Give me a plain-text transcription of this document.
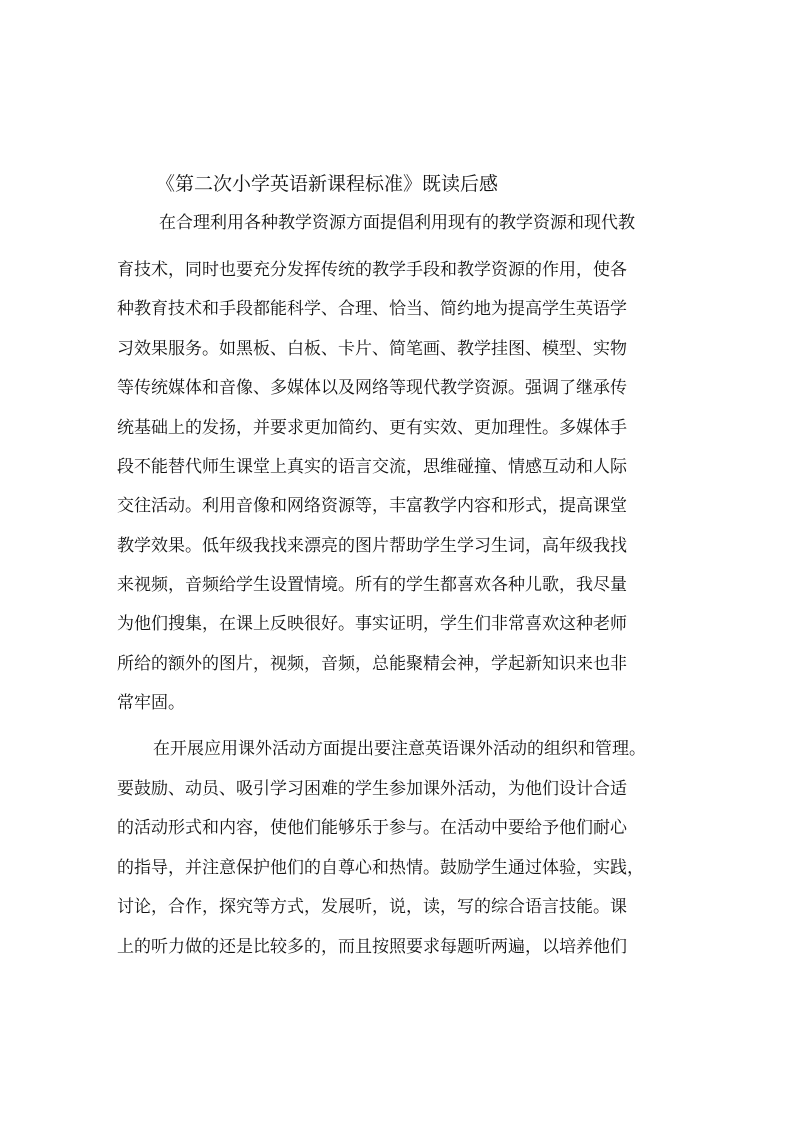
《第二次小学英语新课程标准》既读后感

在合理利用各种教学资源方面提倡利用现有的教学资源和现代教

育技术，同时也要充分发挥传统的教学手段和教学资源的作用，使各

种教育技术和手段都能科学、合理、恰当、简约地为提高学生英语学

习效果服务。如黑板、白板、卡片、简笔画、教学挂图、模型、实物

等传统媒体和音像、多媒体以及网络等现代教学资源。强调了继承传

统基础上的发扬，并要求更加简约、更有实效、更加理性。多媒体手

段不能替代师生课堂上真实的语言交流，思维碰撞、情感互动和人际

交往活动。利用音像和网络资源等，丰富教学内容和形式，提高课堂

教学效果。低年级我找来漂亮的图片帮助学生学习生词，高年级我找

来视频，音频给学生设置情境。所有的学生都喜欢各种儿歌，我尽量

为他们搜集，在课上反映很好。事实证明，学生们非常喜欢这种老师

所给的额外的图片，视频，音频，总能聚精会神，学起新知识来也非

常牢固。

在开展应用课外活动方面提出要注意英语课外活动的组织和管理。

要鼓励、动员、吸引学习困难的学生参加课外活动，为他们设计合适

的活动形式和内容，使他们能够乐于参与。在活动中要给予他们耐心

的指导，并注意保护他们的自尊心和热情。鼓励学生通过体验，实践，

讨论，合作，探究等方式，发展听，说，读，写的综合语言技能。课

上的听力做的还是比较多的，而且按照要求每题听两遍，以培养他们
